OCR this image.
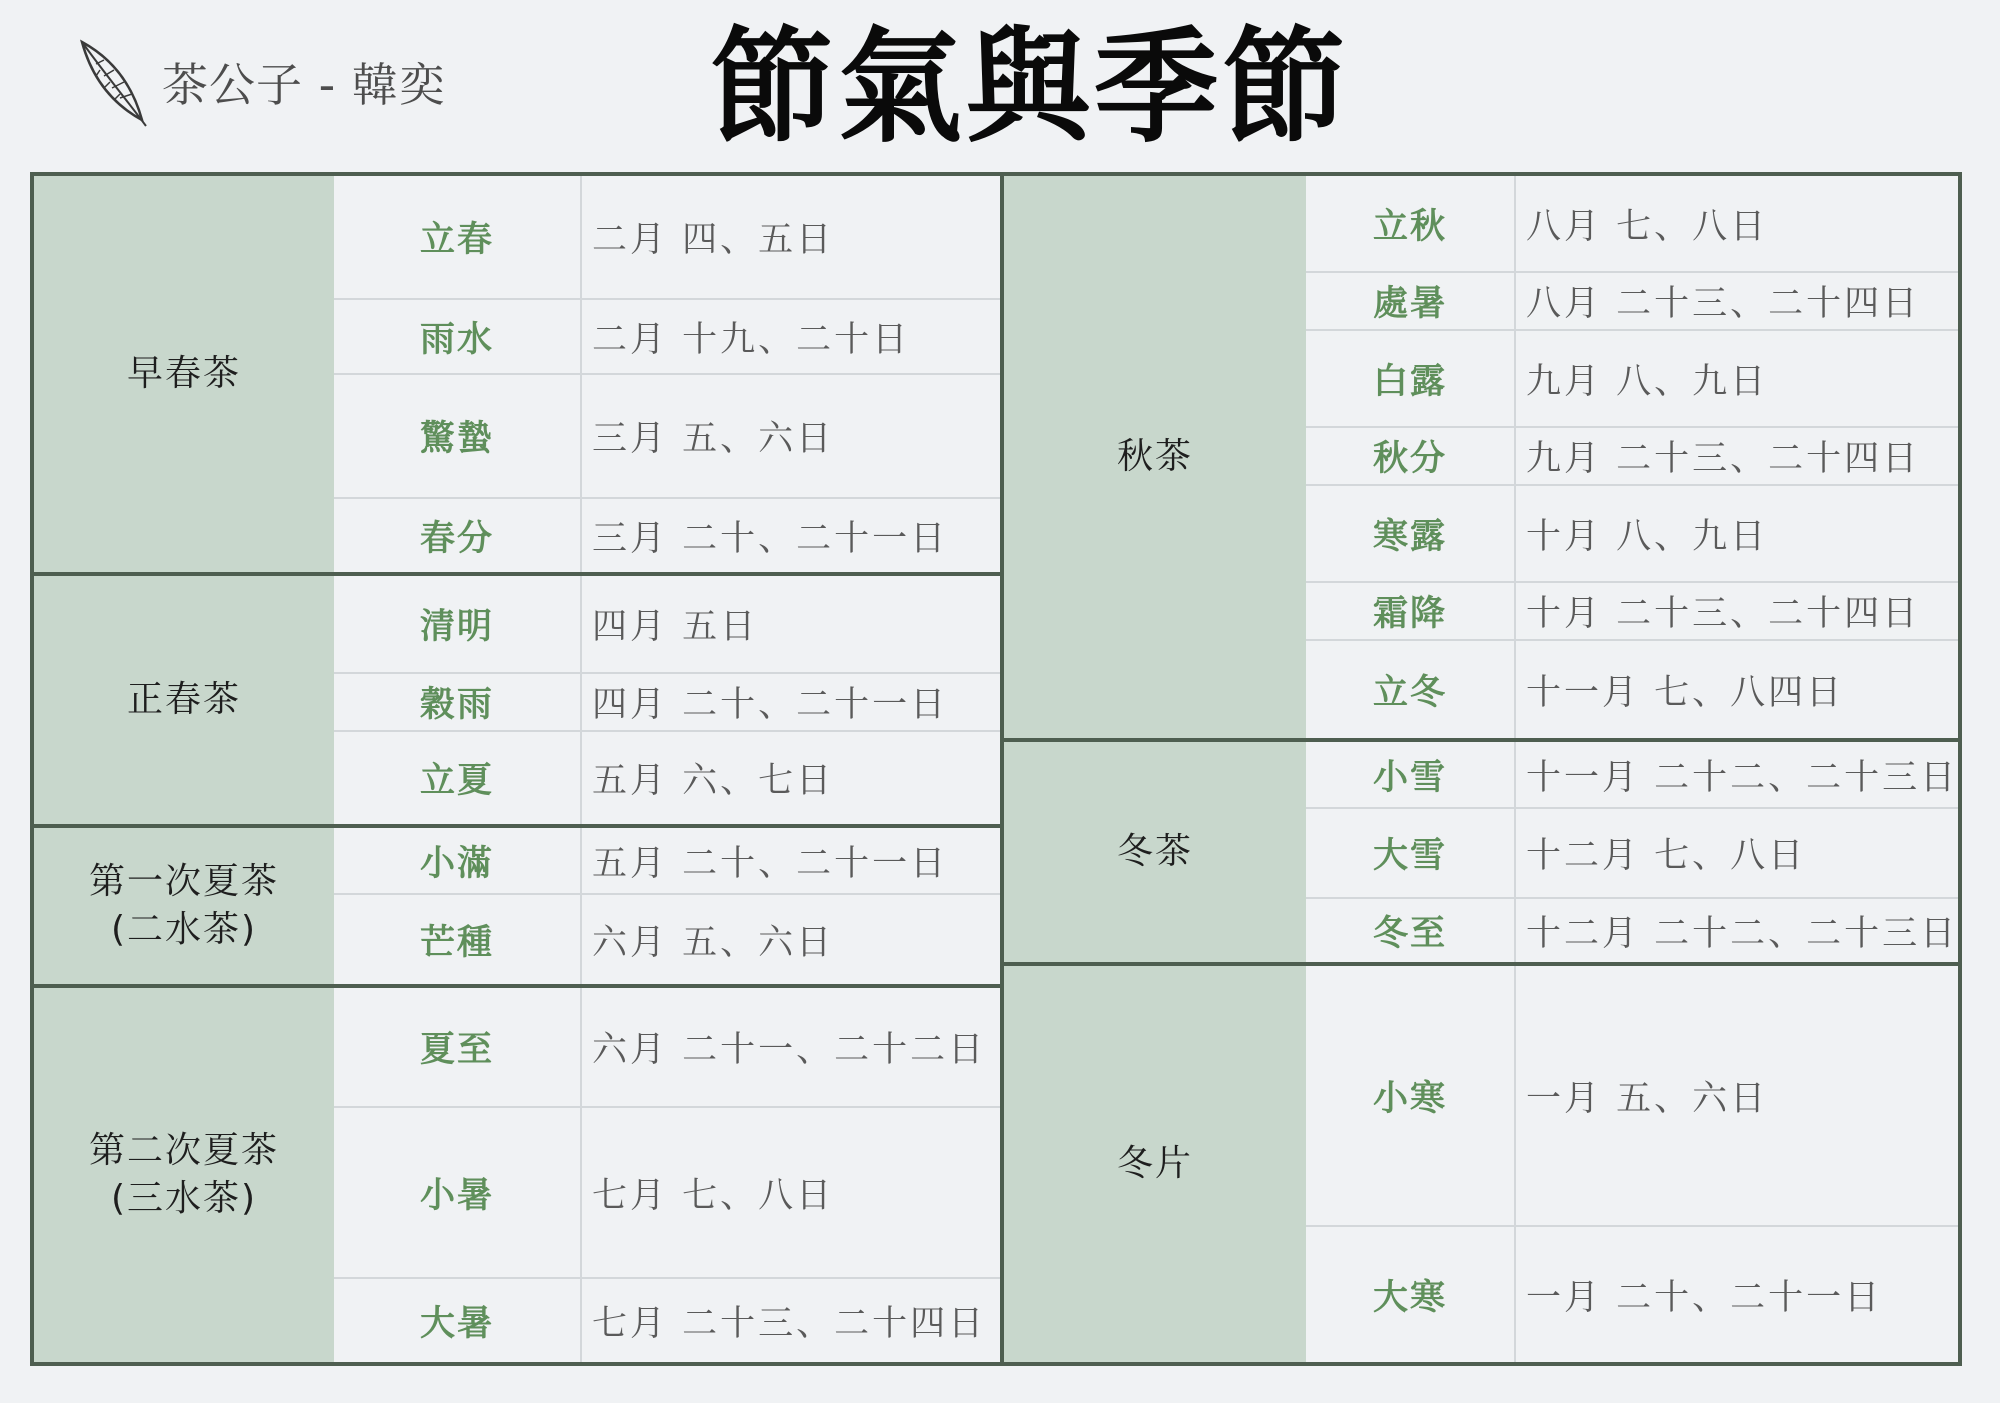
茶公子 - 韓奕	節氣與季節
早春茶
立春	二月 四、五日
雨水	二月 十九、二十日
驚蟄	三月 五、六日
春分	三月 二十、二十一日
正春茶
清明	四月 五日
穀雨	四月 二十、二十一日
立夏	五月 六、七日
第一次夏茶
(二水茶)
小滿	五月 二十、二十一日
芒種	六月 五、六日
第二次夏茶
(三水茶)
夏至	六月 二十一、二十二日
小暑	七月 七、八日
大暑	七月 二十三、二十四日
秋茶
立秋	八月 七、八日
處暑	八月 二十三、二十四日
白露	九月 八、九日
秋分	九月 二十三、二十四日
寒露	十月 八、九日
霜降	十月 二十三、二十四日
立冬	十一月 七、八四日
冬茶
小雪	十一月 二十二、二十三日
大雪	十二月 七、八日
冬至	十二月 二十二、二十三日
冬片
小寒	一月 五、六日
大寒	一月 二十、二十一日
